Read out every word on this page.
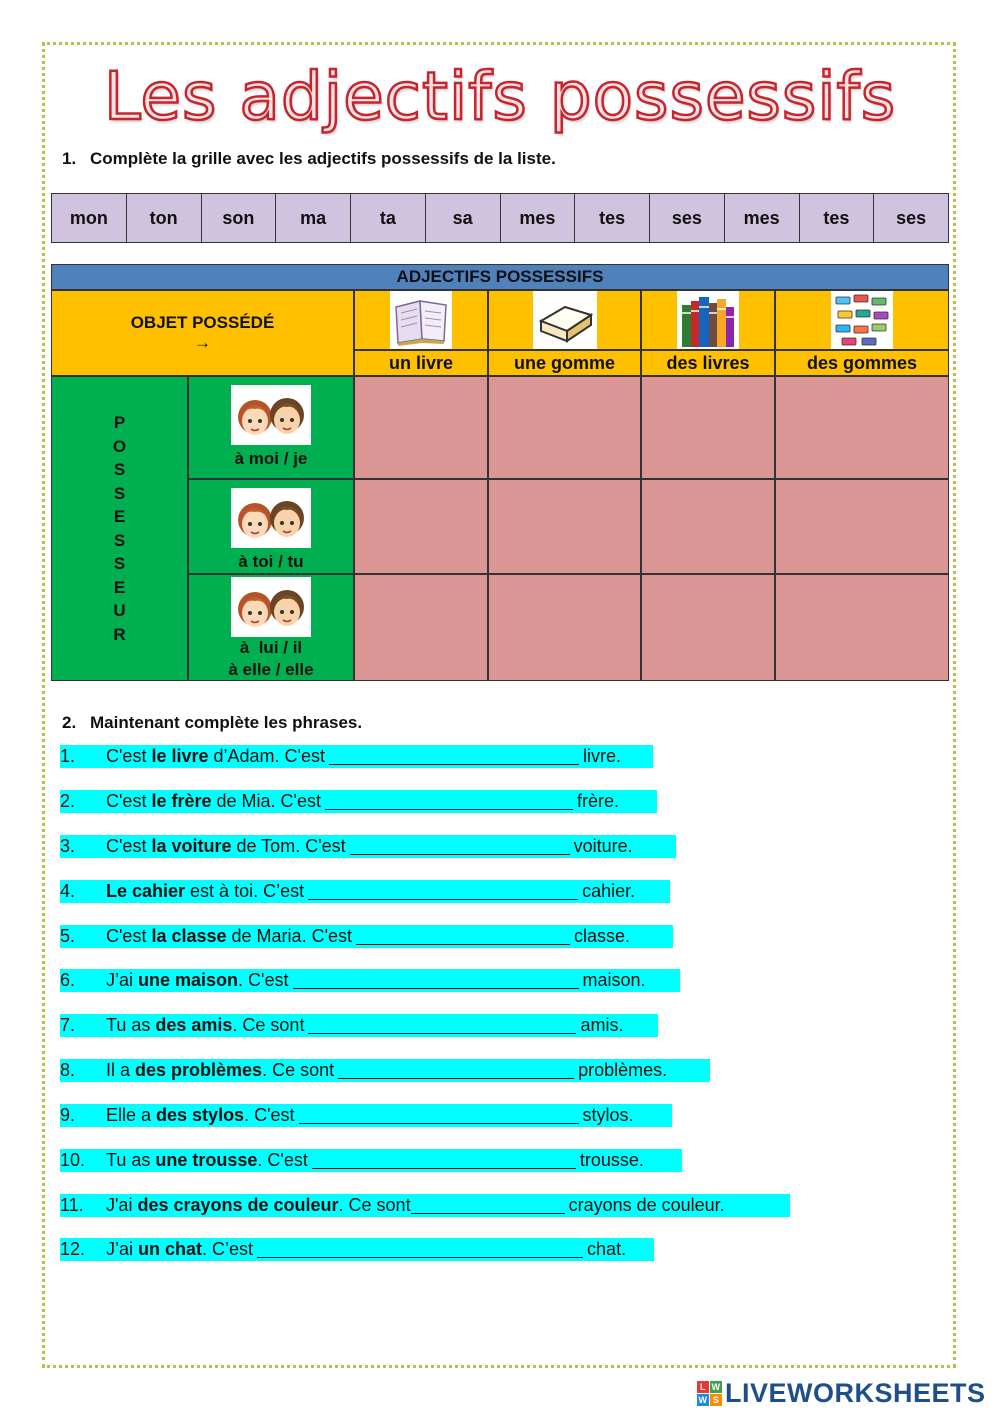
Les adjectifs possessifs
1. Complète la grille avec les adjectifs possessifs de la liste.
mon	ton	son	ma	ta	sa	mes	tes	ses	mes	tes	ses
ADJECTIFS POSSESSIFS
OBJET POSSÉDÉ
→
un livre	une gomme	des livres	des gommes
P
O
S
S
E
S
S
E
U
R
à moi / je
à toi / tu
à  lui / il
à elle / elle
2. Maintenant complète les phrases.
1.	C'est le livre d’Adam. C'est	livre.
2.	C'est le frère de Mia. C'est	frère.
3.	C'est la voiture de Tom. C'est	voiture.
4.	Le cahier est à toi. C’est	cahier.
5.	C'est la classe de Maria. C'est	classe.
6.	J’ai une maison . C'est	maison.
7.	Tu as des amis . Ce sont	amis.
8.	Il a des problèmes . Ce sont	problèmes.
9.	Elle a des stylos . C'est	stylos.
10.	Tu as une trousse . C'est	trousse.
11.	J'ai des crayons de couleur . Ce sont	crayons de couleur.
12.	J’ai un chat . C’est	chat.
L W
W S LIVEWORKSHEETS
